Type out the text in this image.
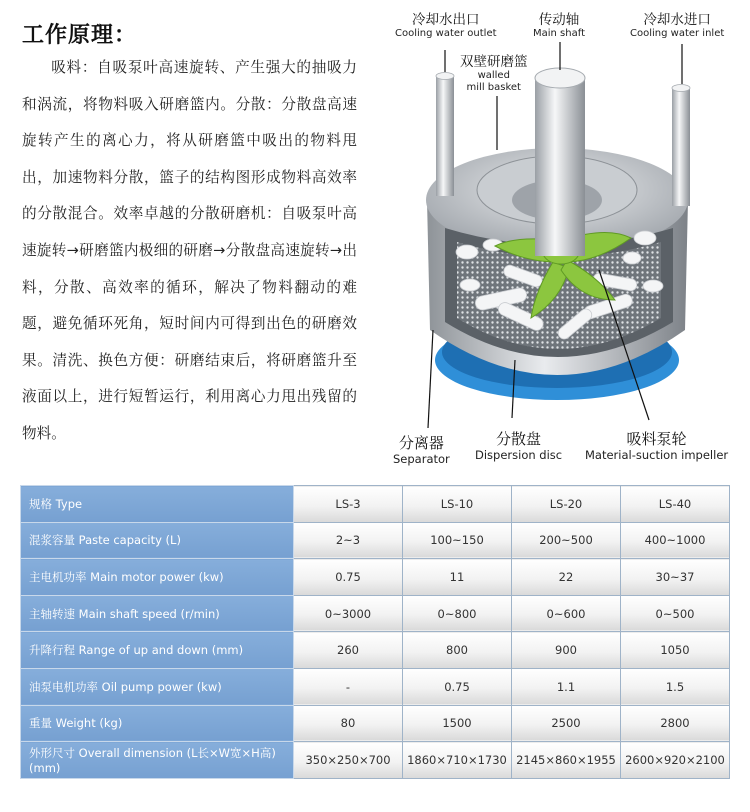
工作原理：

吸料：自吸泵叶高速旋转、产生强大的抽吸力和涡流，将物料吸入研磨篮内。分散：分散盘高速旋转产生的离心力，将从研磨篮中吸出的物料甩出，加速物料分散，篮子的结构图形成物料高效率的分散混合。效率卓越的分散研磨机：自吸泵叶高速旋转→研磨篮内极细的研磨→分散盘高速旋转→出料，分散、高效率的循环，解决了物料翻动的难题，避免循环死角，短时间内可得到出色的研磨效果。清洗、换色方便：研磨结束后，将研磨篮升至液面以上，进行短暂运行，利用离心力甩出残留的物料。

冷却水出口
Cooling water outlet
传动轴
Main shaft
冷却水进口
Cooling water inlet
双壁研磨篮
walled
mill basket
分离器
Separator
分散盘
Dispersion disc
吸料泵轮
Material-suction impeller
规格 Type	LS-3	LS-10	LS-20	LS-40
混浆容量 Paste capacity (L)	2~3	100~150	200~500	400~1000
主电机功率 Main motor power (kw)	0.75	11	22	30~37
主轴转速 Main shaft speed (r/min)	0~3000	0~800	0~600	0~500
升降行程 Range of up and down (mm)	260	800	900	1050
油泵电机功率 Oil pump power (kw)	-	0.75	1.1	1.5
重量 Weight (kg)	80	1500	2500	2800
外形尺寸 Overall dimension (L长×W宽×H高) (mm)	350×250×700	1860×710×1730	2145×860×1955	2600×920×2100
